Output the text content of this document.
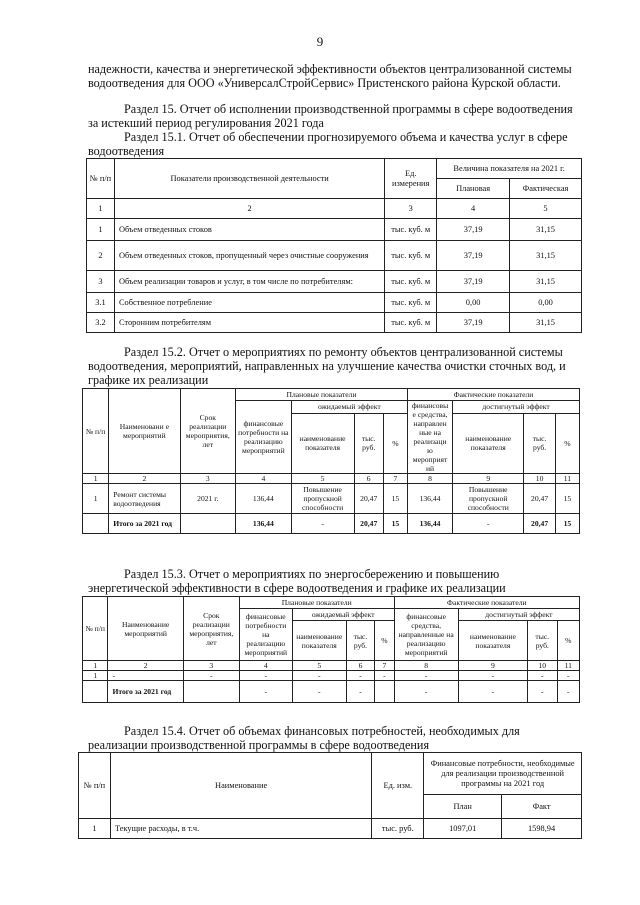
9
надежности, качества и энергетической эффективности объектов централизованной системы водоотведения для ООО «УниверсалСтройСервис» Пристенского района Курской области.
Раздел 15. Отчет об исполнении производственной программы в сфере водоотведения за истекший период регулирования 2021 года
Раздел 15.1. Отчет об обеспечении прогнозируемого объема и качества услуг в сфере водоотведения
№ п/п	Показатели производственной деятельности	Ед. измерения	Величина показателя на 2021 г.	
			Плановая	Фактическая
1	2	3	4	5
1	Объем отведенных стоков	тыс. куб. м	37,19	31,15
2	Объем отведенных стоков, пропущенный через очистные сооружения	тыс. куб. м	37,19	31,15
3	Объем реализации товаров и услуг, в том числе по потребителям:	тыс. куб. м	37,19	31,15
3.1	Собственное потребление	тыс. куб. м	0,00	0,00
3.2	Сторонним потребителям	тыс. куб. м	37,19	31,15
Раздел 15.2. Отчет о мероприятиях по ремонту объектов централизованной системы водоотведения, мероприятий, направленных на улучшение качества очистки сточных вод, и графике их реализации
№ п/п	Наименовани е мероприятий	Срок реализации мероприятия, лет	Плановые показатели				Фактические показатели			
			финансовые потребности на реализацию мероприятий	ожидаемый эффект			финансовы е средства, направлен ные на реализаци ю мероприят ий	достигнутый эффект		
				наименование показателя	тыс. руб.	%		наименование показателя	тыс. руб.	%
1	2	3	4	5	6	7	8	9	10	11
1	Ремонт системы водоотведения	2021 г.	136,44	Повышение пропускной способности	20,47	15	136,44	Повышение пропускной способности	20,47	15
	Итого за 2021 год		136,44	-	20,47	15	136,44	-	20,47	15
Раздел 15.3. Отчет о мероприятиях по энергосбережению и повышению энергетической эффективности в сфере водоотведения и графике их реализации
№ п/п	Наименование мероприятий	Срок реализации мероприятия, лет	Плановые показатели				Фактические показатели			
			финансовые потребности на реализацию мероприятий	ожидаемый эффект			финансовые средства, направленные на реализацию мероприятий	достигнутый эффект		
				наименование показателя	тыс. руб.	%		наименование показателя	тыс. руб.	%
1	2	3	4	5	6	7	8	9	10	11
1	-	-	-	-	-	-	-	-	-	-
	Итого за 2021 год		-	-	-		-	-	-	-
Раздел 15.4. Отчет об объемах финансовых потребностей, необходимых для реализации производственной программы в сфере водоотведения
№ п/п	Наименование	Ед. изм.	Финансовые потребности, необходимые для реализации производственной программы на 2021 год	
			План	Факт
1	Текущие расходы, в т.ч.	тыс. руб.	1097,01	1598,94
